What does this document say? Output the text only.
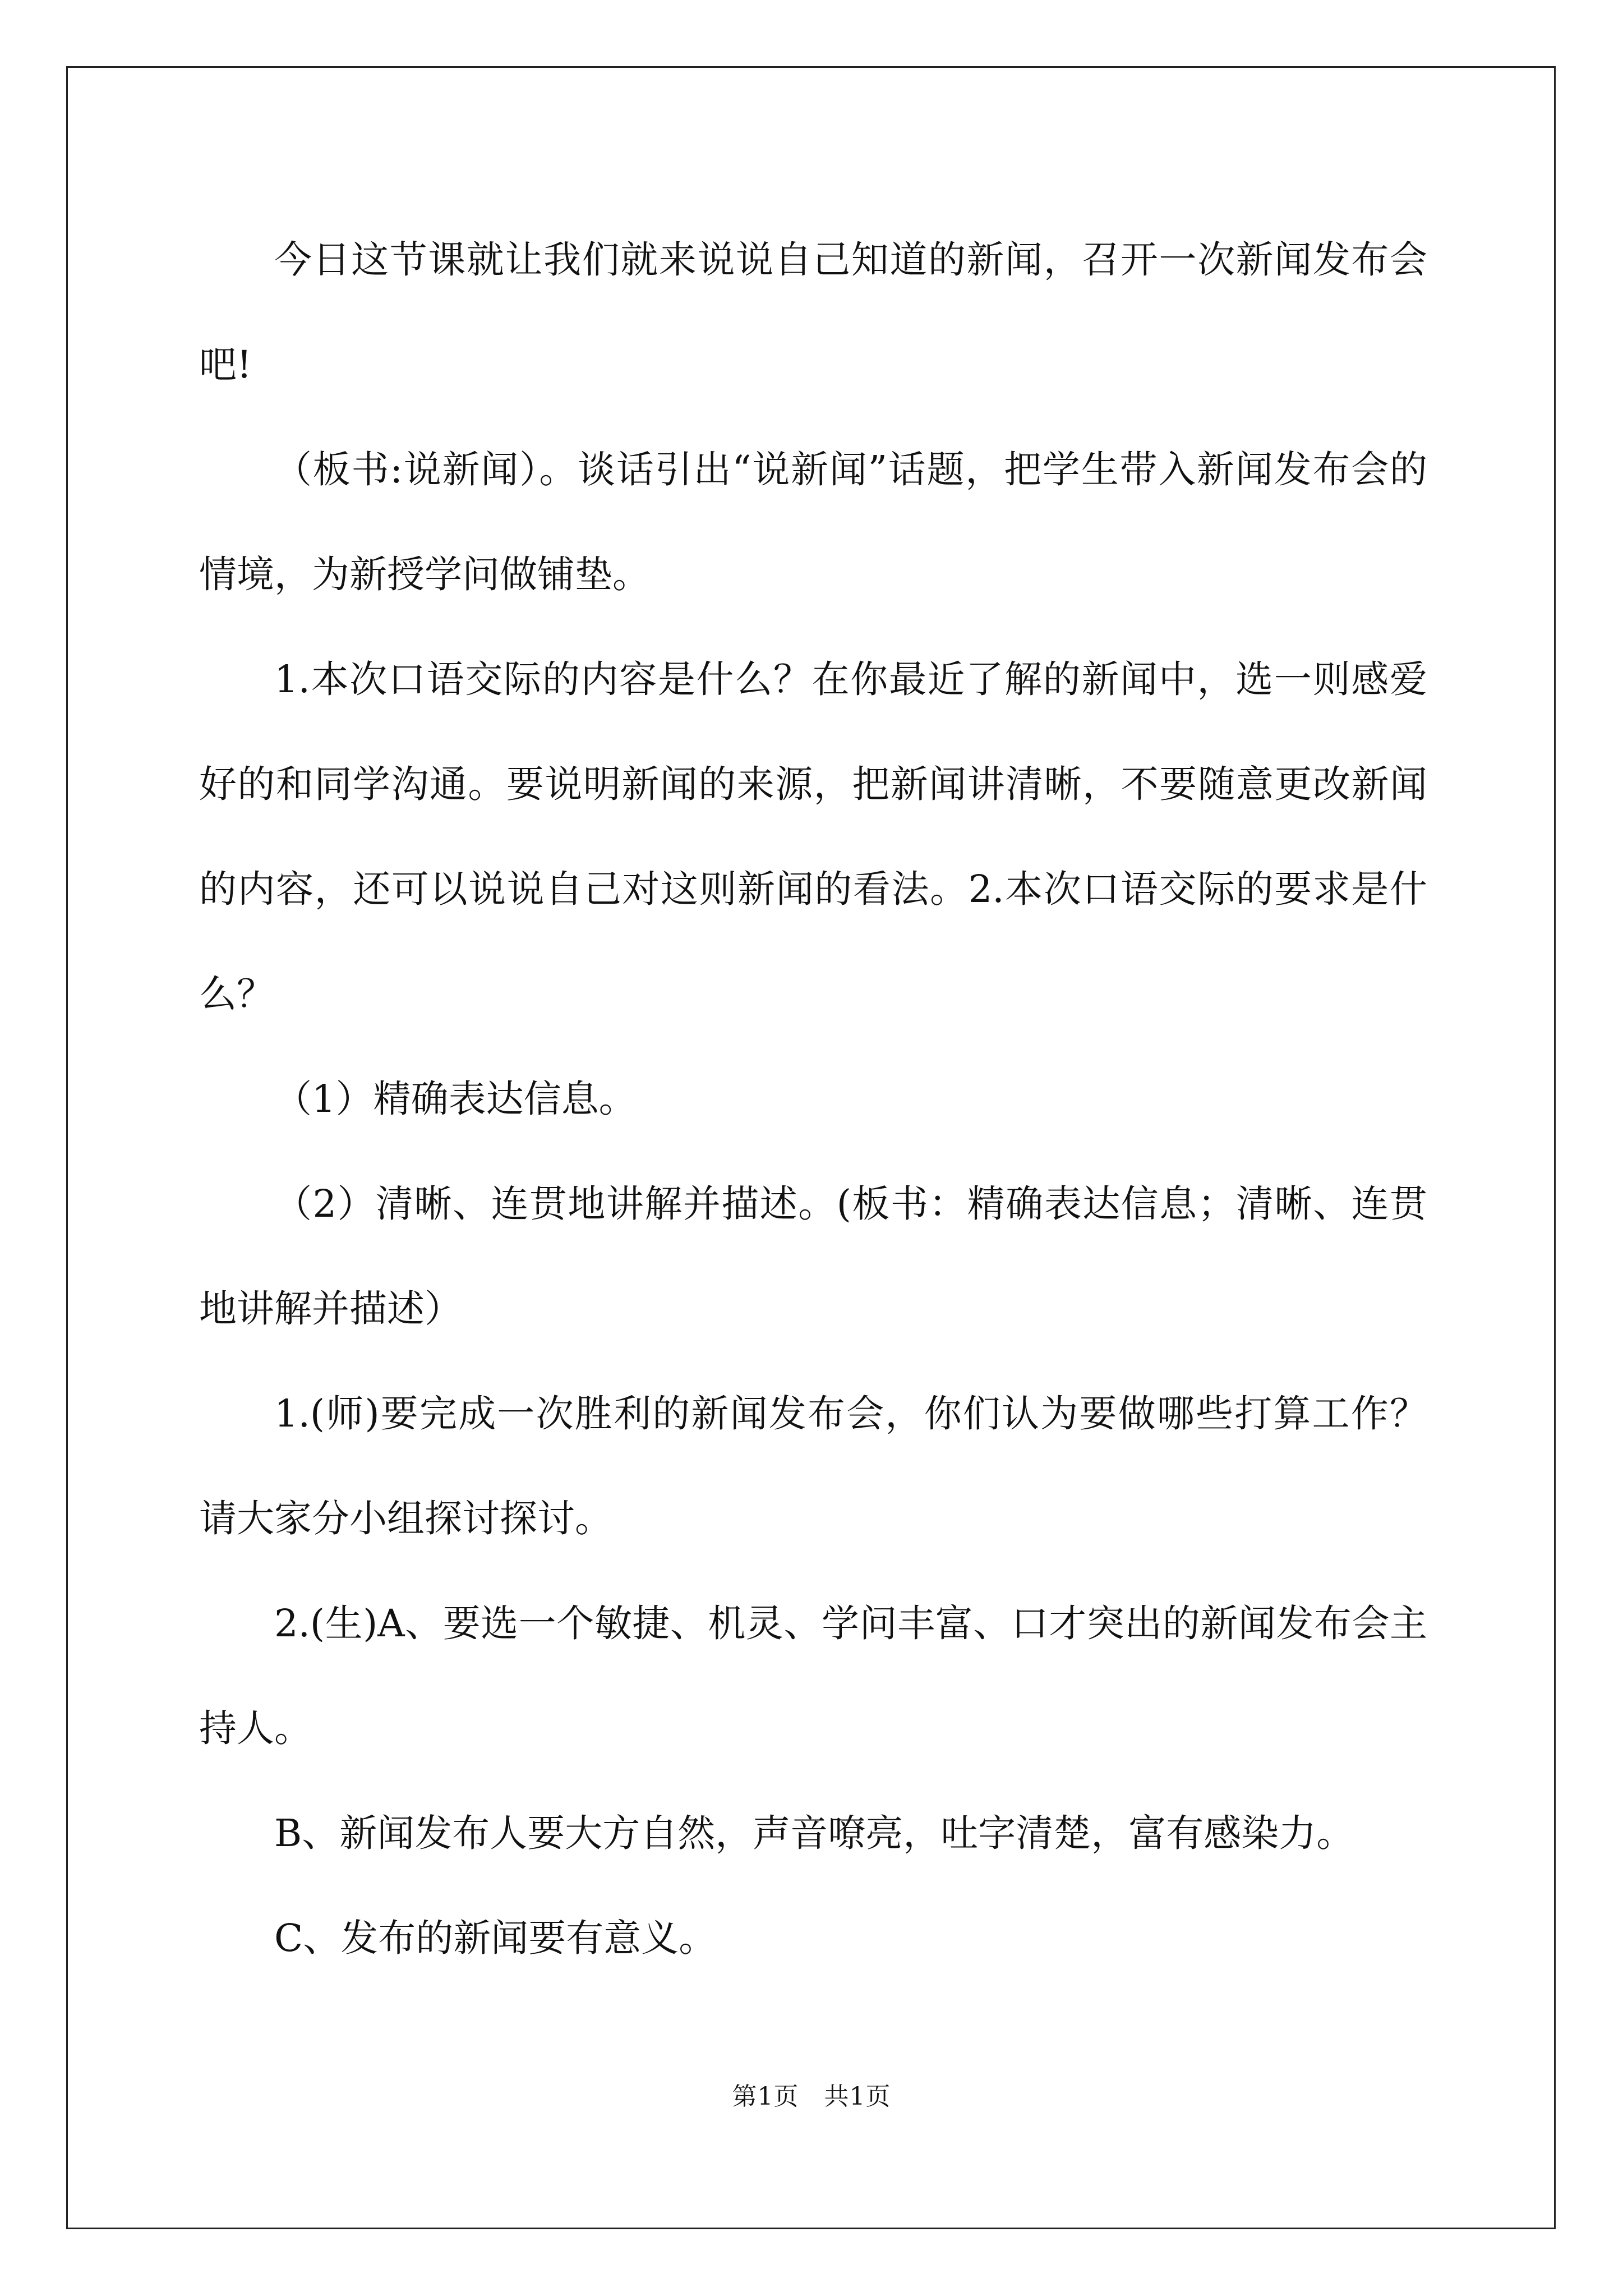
今日这节课就让我们就来说说自己知道的新闻，召开一次新闻发布会吧!

（板书:说新闻）。谈话引出“说新闻”话题，把学生带入新闻发布会的情境，为新授学问做铺垫。

1.本次口语交际的内容是什么？在你最近了解的新闻中，选一则感爱好的和同学沟通。要说明新闻的来源，把新闻讲清晰，不要随意更改新闻的内容，还可以说说自己对这则新闻的看法。2.本次口语交际的要求是什么？

（1）精确表达信息。

（2）清晰、连贯地讲解并描述。(板书：精确表达信息；清晰、连贯地讲解并描述）

1.(师)要完成一次胜利的新闻发布会，你们认为要做哪些打算工作？请大家分小组探讨探讨。

2.(生)A、要选一个敏捷、机灵、学问丰富、口才突出的新闻发布会主持人。

B、新闻发布人要大方自然，声音嘹亮，吐字清楚，富有感染力。

C、发布的新闻要有意义。

第1页　共1页
